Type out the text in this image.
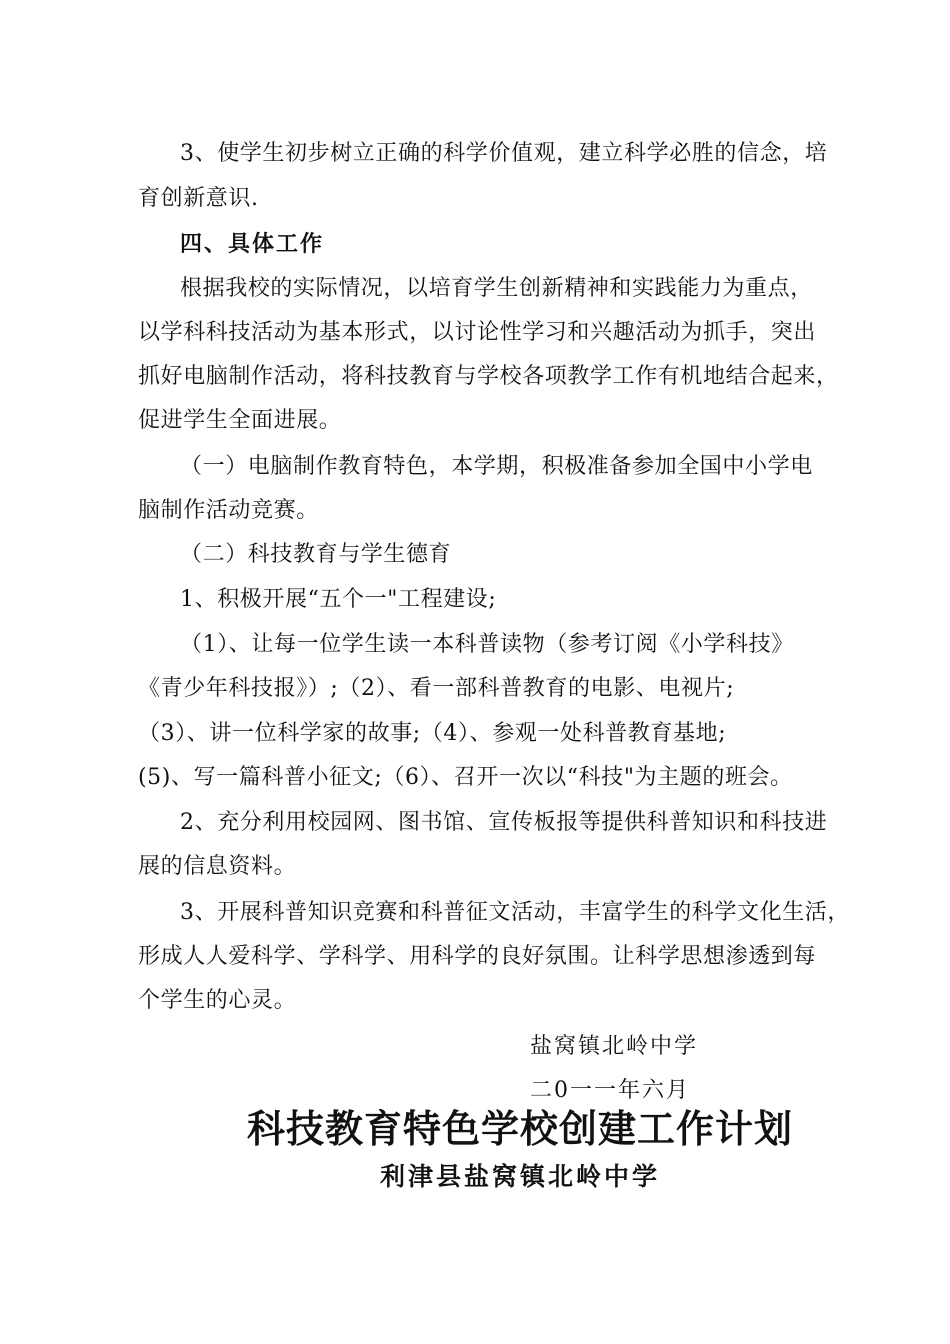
3、使学生初步树立正确的科学价值观，建立科学必胜的信念，培
育创新意识.
四、具体工作
根据我校的实际情况，以培育学生创新精神和实践能力为重点，
以学科科技活动为基本形式，以讨论性学习和兴趣活动为抓手，突出
抓好电脑制作活动，将科技教育与学校各项教学工作有机地结合起来，
促进学生全面进展。
（一）电脑制作教育特色，本学期，积极准备参加全国中小学电
脑制作活动竞赛。
（二）科技教育与学生德育
1、积极开展“五个一"工程建设;
（1）、让每一位学生读一本科普读物（参考订阅《小学科技》
《青少年科技报》）;（2）、看一部科普教育的电影、电视片;
（3）、讲一位科学家的故事;（4）、参观一处科普教育基地;
(5)、写一篇科普小征文;（6）、召开一次以“科技"为主题的班会。
2、充分利用校园网、图书馆、宣传板报等提供科普知识和科技进
展的信息资料。
3、开展科普知识竞赛和科普征文活动，丰富学生的科学文化生活，
形成人人爱科学、学科学、用科学的良好氛围。让科学思想渗透到每
个学生的心灵。
盐窝镇北岭中学
二0一一年六月
科技教育特色学校创建工作计划
利津县盐窝镇北岭中学
